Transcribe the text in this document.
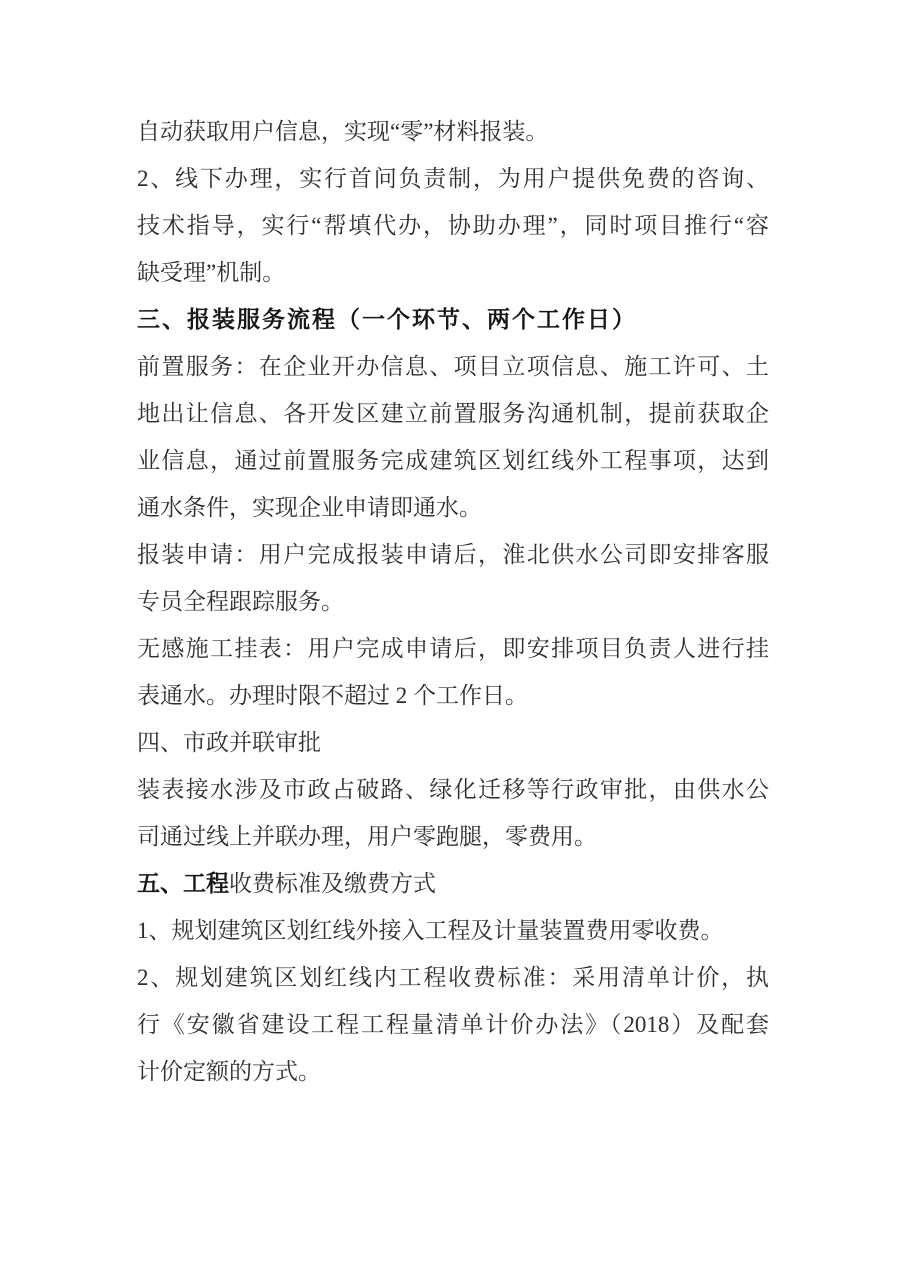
自动获取用户信息，实现“零”材料报装。
2、线下办理，实行首问负责制，为用户提供免费的咨询、
技术指导，实行“帮填代办，协助办理”，同时项目推行“容
缺受理”机制。
三、报装服务流程（一个环节、两个工作日）
前置服务：在企业开办信息、项目立项信息、施工许可、土
地出让信息、各开发区建立前置服务沟通机制，提前获取企
业信息，通过前置服务完成建筑区划红线外工程事项，达到
通水条件，实现企业申请即通水。
报装申请：用户完成报装申请后，淮北供水公司即安排客服
专员全程跟踪服务。
无感施工挂表：用户完成申请后，即安排项目负责人进行挂
表通水。办理时限不超过 2 个工作日。
四、市政并联审批
装表接水涉及市政占破路、绿化迁移等行政审批，由供水公
司通过线上并联办理，用户零跑腿，零费用。
五、工程收费标准及缴费方式
1、规划建筑区划红线外接入工程及计量装置费用零收费。
2、规划建筑区划红线内工程收费标准：采用清单计价，执
行《安徽省建设工程工程量清单计价办法》（2018）及配套
计价定额的方式。
